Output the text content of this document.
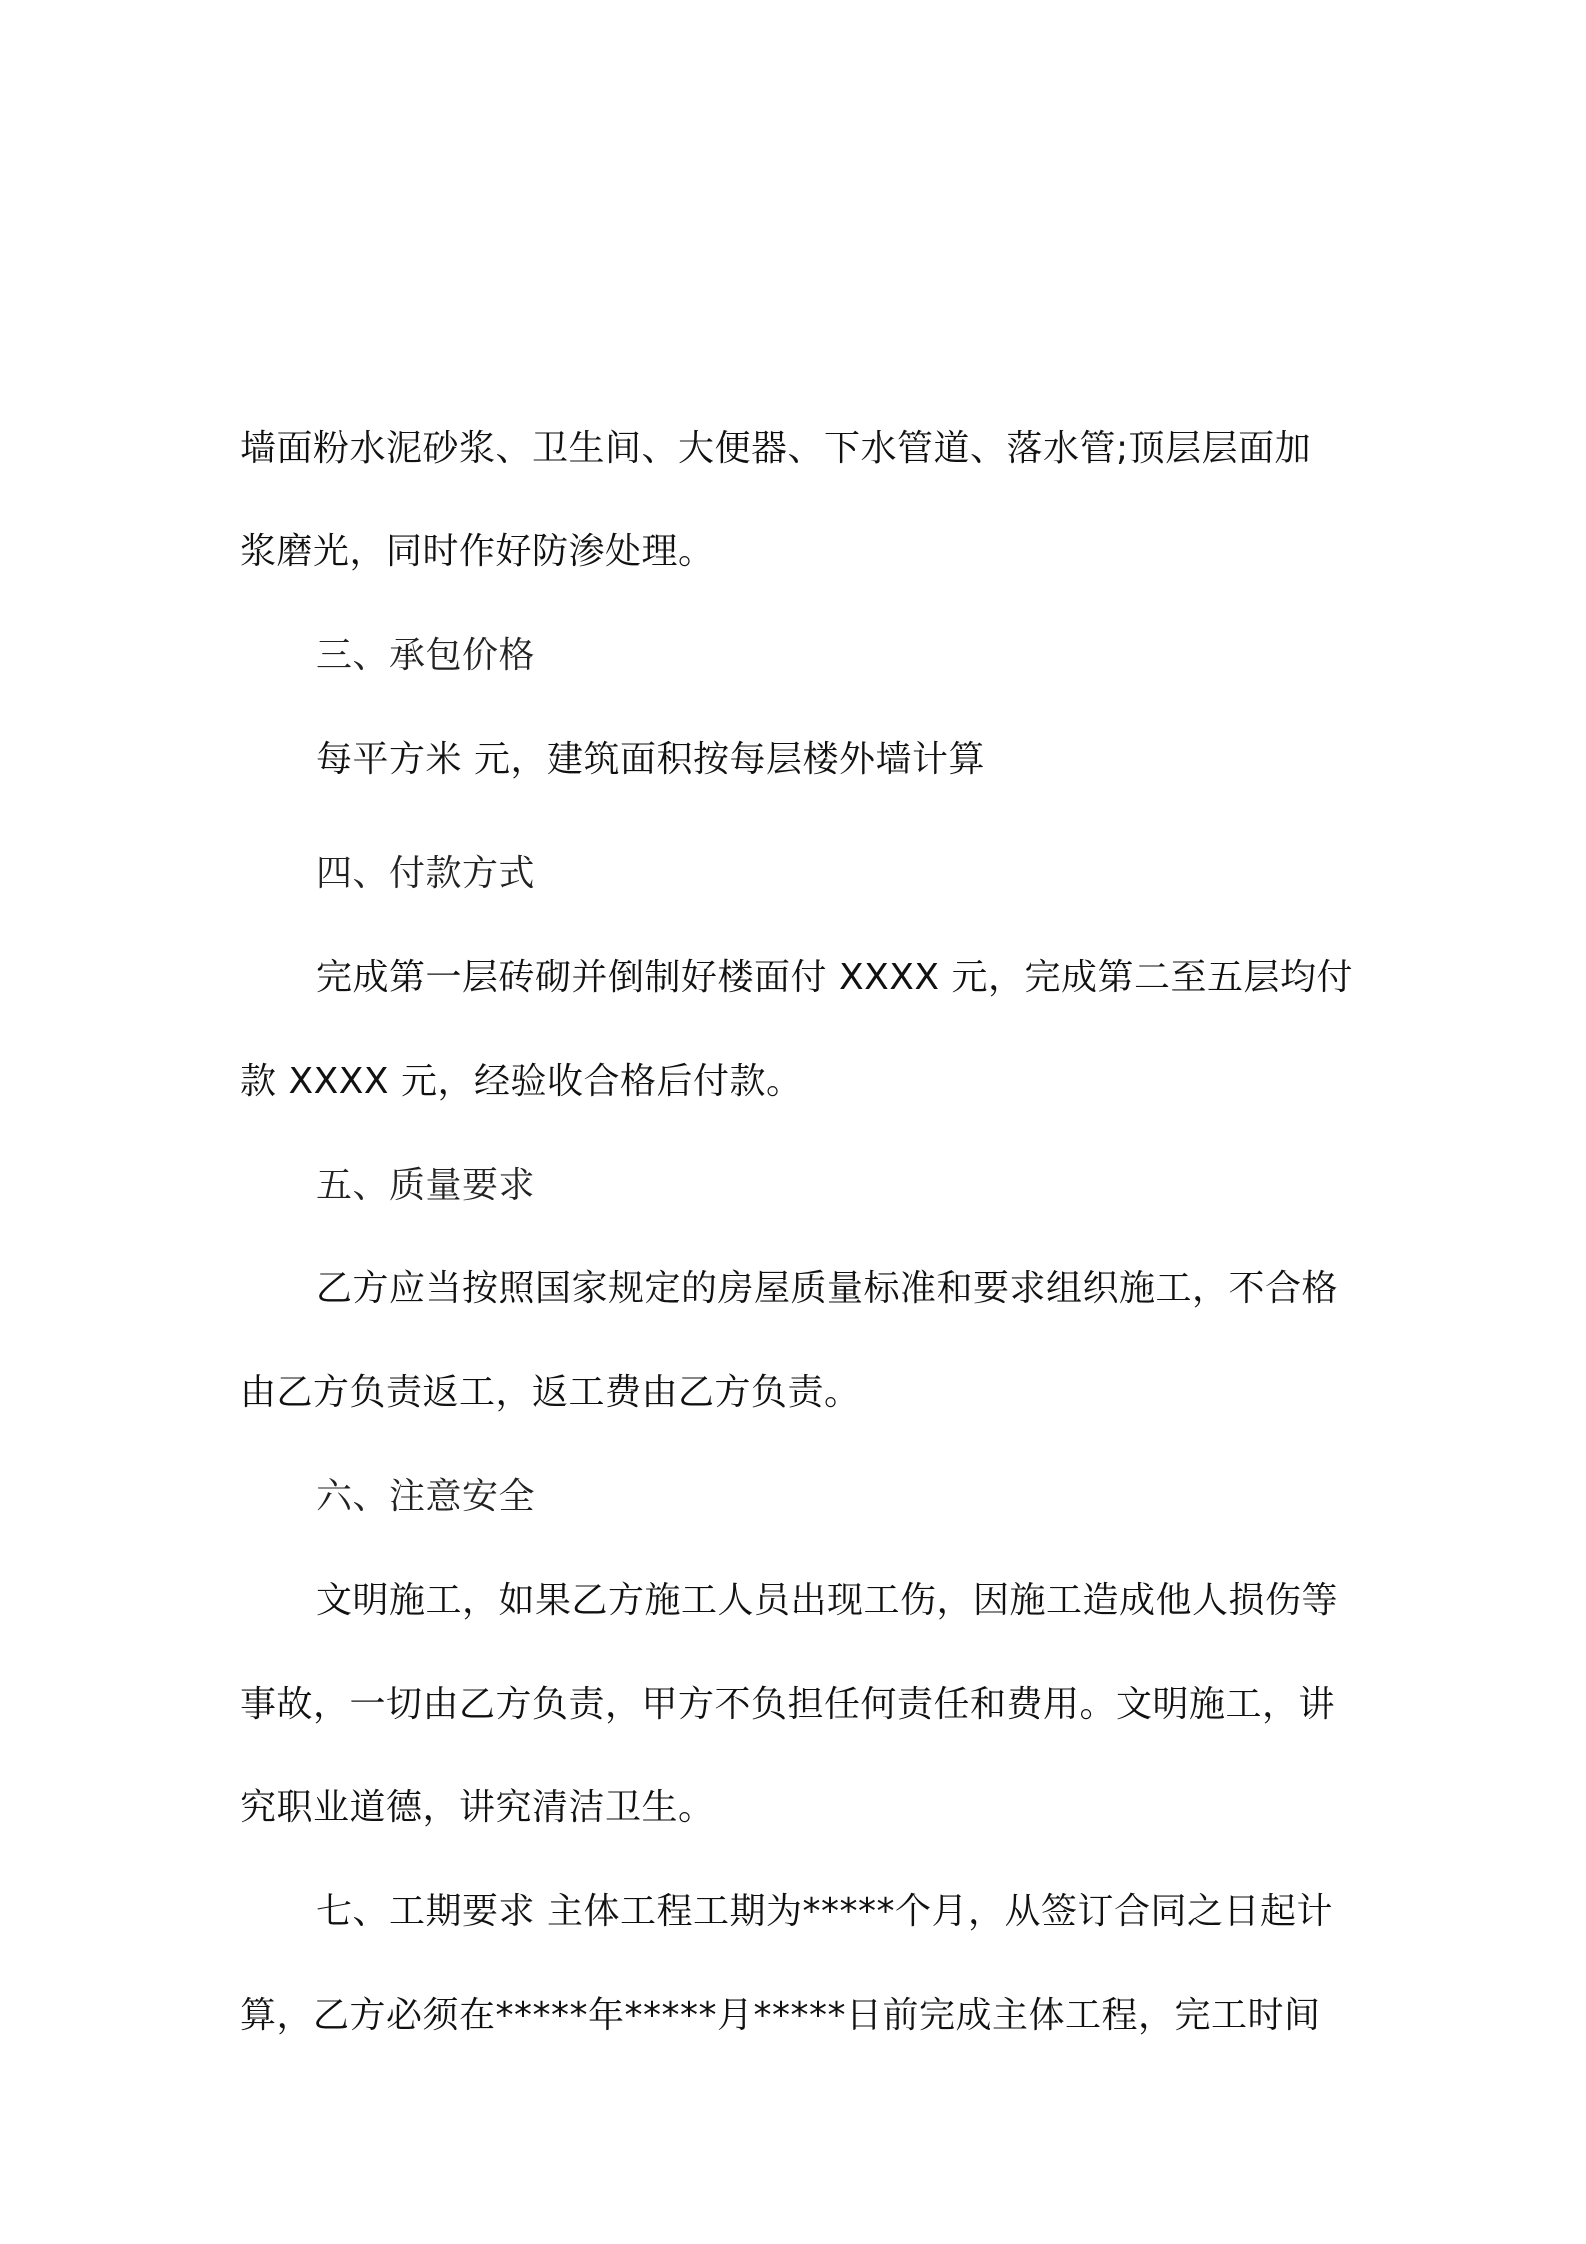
墙面粉水泥砂浆、卫生间、大便器、下水管道、落水管;顶层层面加
浆磨光，同时作好防渗处理。
三、承包价格
每平方米 元，建筑面积按每层楼外墙计算
四、付款方式
完成第一层砖砌并倒制好楼面付 XXXX 元，完成第二至五层均付
款 XXXX 元，经验收合格后付款。
五、质量要求
乙方应当按照国家规定的房屋质量标准和要求组织施工，不合格
由乙方负责返工，返工费由乙方负责。
六、注意安全
文明施工，如果乙方施工人员出现工伤，因施工造成他人损伤等
事故，一切由乙方负责，甲方不负担任何责任和费用。文明施工，讲
究职业道德，讲究清洁卫生。
七、工期要求 主体工程工期为*****个月，从签订合同之日起计
算，乙方必须在*****年*****月*****日前完成主体工程，完工时间
